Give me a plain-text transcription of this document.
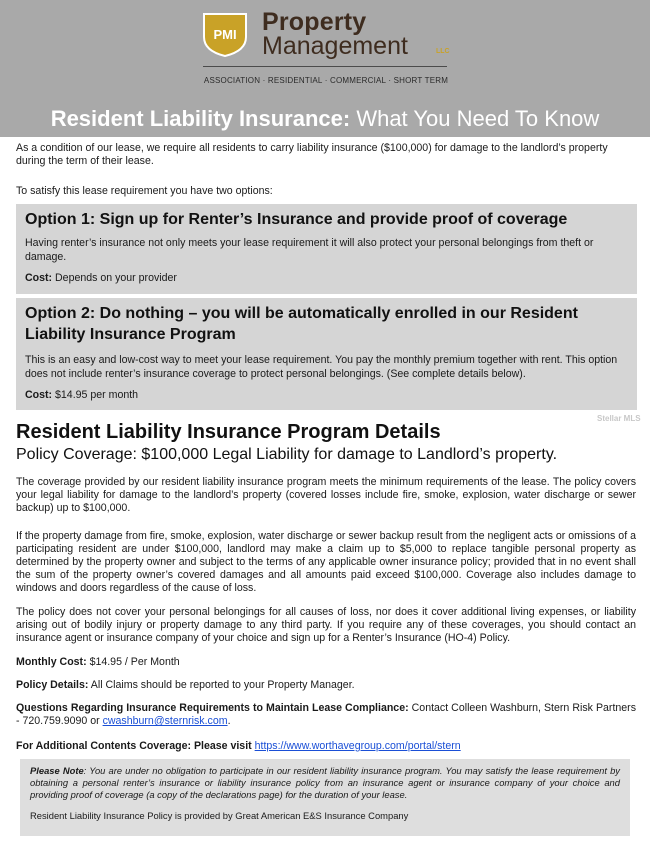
PMI Property
Management	LLC
ASSOCIATION · RESIDENTIAL · COMMERCIAL · SHORT TERM
Resident Liability Insurance: What You Need To Know
As a condition of our lease, we require all residents to carry liability insurance ($100,000) for damage to the landlord’s property during the term of their lease.
To satisfy this lease requirement you have two options:
Option 1: Sign up for Renter’s Insurance and provide proof of coverage
Having renter’s insurance not only meets your lease requirement it will also protect your personal belongings from theft or damage.
Cost: Depends on your provider
Option 2: Do nothing – you will be automatically enrolled in our Resident Liability Insurance Program
This is an easy and low-cost way to meet your lease requirement. You pay the monthly premium together with rent. This option does not include renter’s insurance coverage to protect personal belongings. (See complete details below).
Cost: $14.95 per month
Stellar MLS
Resident Liability Insurance Program Details
Policy Coverage: $100,000 Legal Liability for damage to Landlord’s property.
The coverage provided by our resident liability insurance program meets the minimum requirements of the lease. The policy covers your legal liability for damage to the landlord’s property (covered losses include fire, smoke, explosion, water discharge or sewer backup) up to $100,000.
If the property damage from fire, smoke, explosion, water discharge or sewer backup result from the negligent acts or omissions of a participating resident are under $100,000, landlord may make a claim up to $5,000 to replace tangible personal property as determined by the property owner and subject to the terms of any applicable owner insurance policy; provided that in no event shall the sum of the property owner’s covered damages and all amounts paid exceed $100,000. Coverage also includes damage to windows and doors regardless of the cause of loss.
The policy does not cover your personal belongings for all causes of loss, nor does it cover additional living expenses, or liability arising out of bodily injury or property damage to any third party. If you require any of these coverages, you should contact an insurance agent or insurance company of your choice and sign up for a Renter’s Insurance (HO-4) Policy.
Monthly Cost: $14.95 / Per Month
Policy Details: All Claims should be reported to your Property Manager.
Questions Regarding Insurance Requirements to Maintain Lease Compliance: Contact Colleen Washburn, Stern Risk Partners - 720.759.9090 or cwashburn@sternrisk.com.
For Additional Contents Coverage: Please visit https://www.worthavegroup.com/portal/stern
Please Note: You are under no obligation to participate in our resident liability insurance program. You may satisfy the lease requirement by obtaining a personal renter’s insurance or liability insurance policy from an insurance agent or insurance company of your choice and providing proof of coverage (a copy of the declarations page) for the duration of your lease.
Resident Liability Insurance Policy is provided by Great American E&S Insurance Company
